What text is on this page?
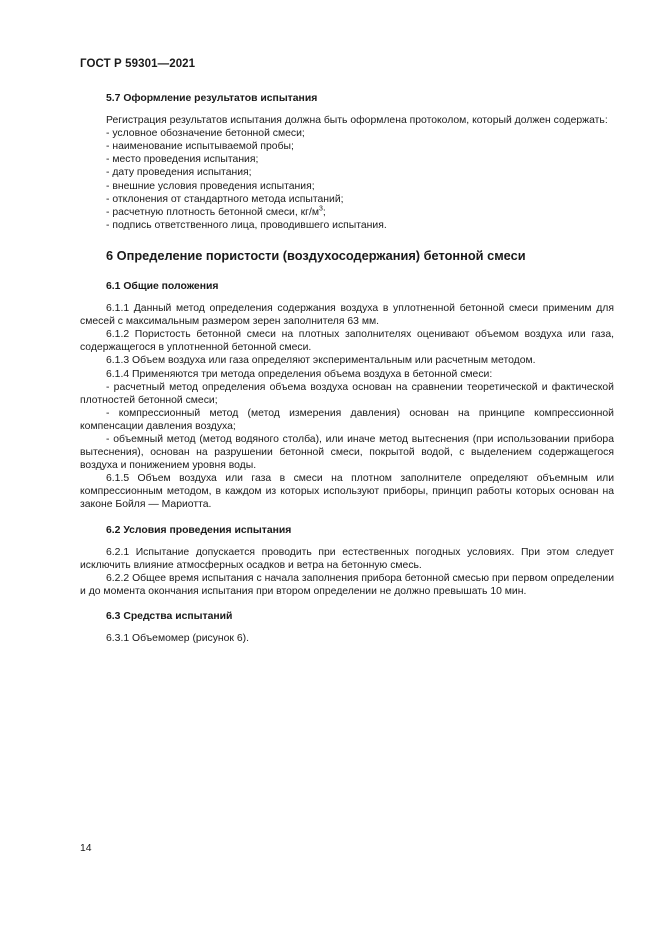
ГОСТ Р 59301—2021

5.7 Оформление результатов испытания

Регистрация результатов испытания должна быть оформлена протоколом, который должен содержать:

- условное обозначение бетонной смеси;

- наименование испытываемой пробы;

- место проведения испытания;

- дату проведения испытания;

- внешние условия проведения испытания;

- отклонения от стандартного метода испытаний;

- расчетную плотность бетонной смеси, $кг/м^3$;

- подпись ответственного лица, проводившего испытания.

6 Определение пористости (воздухосодержания) бетонной смеси

6.1 Общие положения

6.1.1 Данный метод определения содержания воздуха в уплотненной бетонной смеси применим для смесей с максимальным размером зерен заполнителя 63 мм.

6.1.2 Пористость бетонной смеси на плотных заполнителях оценивают объемом воздуха или газа, содержащегося в уплотненной бетонной смеси.

6.1.3 Объем воздуха или газа определяют экспериментальным или расчетным методом.

6.1.4 Применяются три метода определения объема воздуха в бетонной смеси:

- расчетный метод определения объема воздуха основан на сравнении теоретической и фактической плотностей бетонной смеси;

- компрессионный метод (метод измерения давления) основан на принципе компрессионной компенсации давления воздуха;

- объемный метод (метод водяного столба), или иначе метод вытеснения (при использовании прибора вытеснения), основан на разрушении бетонной смеси, покрытой водой, с выделением содержащегося воздуха и понижением уровня воды.

6.1.5 Объем воздуха или газа в смеси на плотном заполнителе определяют объемным или компрессионным методом, в каждом из которых используют приборы, принцип работы которых основан на законе Бойля — Мариотта.

6.2 Условия проведения испытания

6.2.1 Испытание допускается проводить при естественных погодных условиях. При этом следует исключить влияние атмосферных осадков и ветра на бетонную смесь.

6.2.2 Общее время испытания с начала заполнения прибора бетонной смесью при первом определении и до момента окончания испытания при втором определении не должно превышать 10 мин.

6.3 Средства испытаний

6.3.1 Объемомер (рисунок 6).

14
